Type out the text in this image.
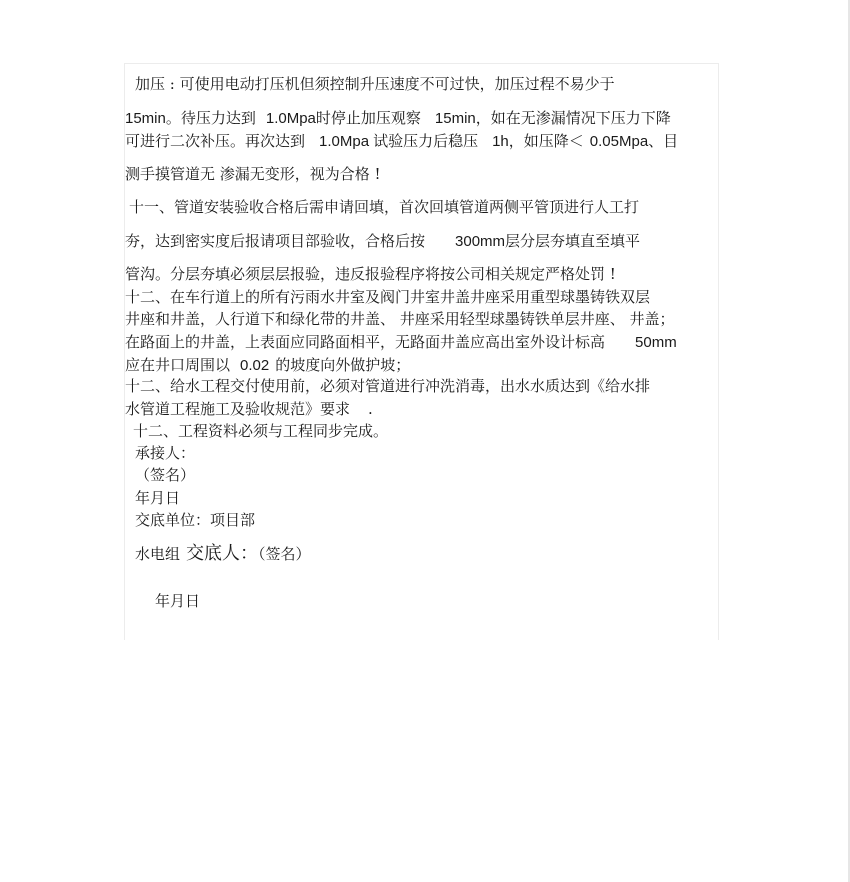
加压 : 可使用电动打压机但须控制升压速度不可过快，加压过程不易少于
15min。待压力达到 1.0Mpa时停止加压观察 15min，如在无渗漏情况下压力下降
可进行二次补压。再次达到 1.0Mpa 试验压力后稳压 1h，如压降＜ 0.05Mpa、目
测手摸管道无 渗漏无变形，视为合格 !
十一、管道安装验收合格后需申请回填，首次回填管道两侧平管顶进行人工打
夯，达到密实度后报请项目部验收，合格后按 300mm层分层夯填直至填平
管沟。分层夯填必须层层报验，违反报验程序将按公司相关规定严格处罚 !
十二、在车行道上的所有污雨水井室及阀门井室井盖井座采用重型球墨铸铁双层
井座和井盖，人行道下和绿化带的井盖、 井座采用轻型球墨铸铁单层井座、 井盖；
在路面上的井盖，上表面应同路面相平，无路面井盖应高出室外设计标高 50mm
应在井口周围以 0.02 的坡度向外做护坡；
十二、给水工程交付使用前，必须对管道进行冲洗消毒，出水水质达到《给水排
水管道工程施工及验收规范》要求 .
十二、工程资料必须与工程同步完成。
承接人：
（签名）
年月日
交底单位：项目部
水电组 交底人：（签名）
年月日
